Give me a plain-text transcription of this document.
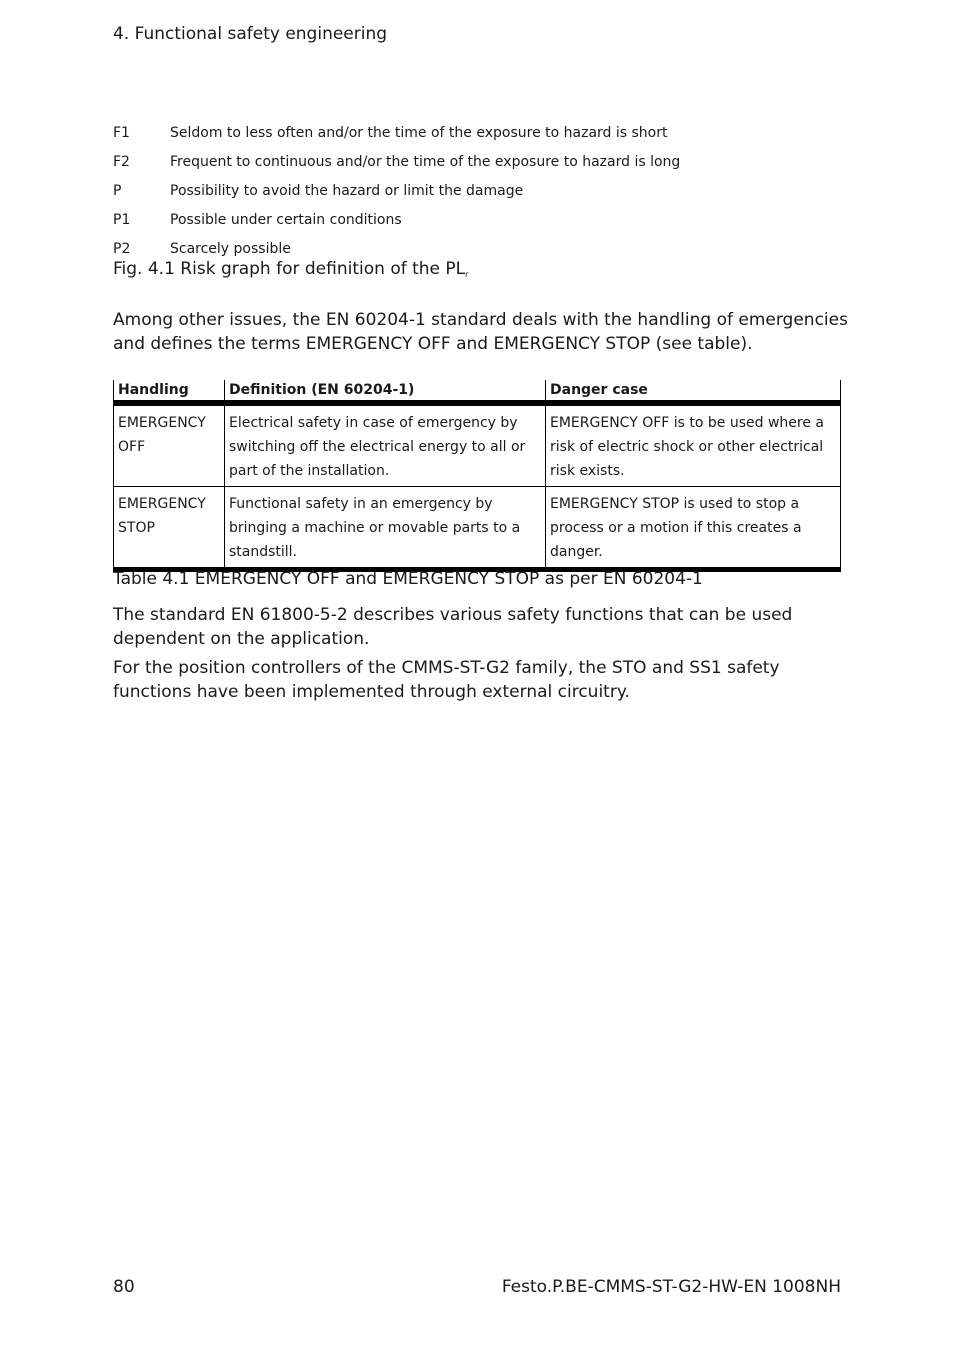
4. Functional safety engineering
F1	Seldom to less often and/or the time of the exposure to hazard is short
F2	Frequent to continuous and/or the time of the exposure to hazard is long
P	Possibility to avoid the hazard or limit the damage
P1	Possible under certain conditions
P2	Scarcely possible
Fig. 4.1 Risk graph for definition of the $PL_r$
Among other issues, the EN 60204-1 standard deals with the handling of emergencies and defines the terms EMERGENCY OFF and EMERGENCY STOP (see table).
Handling	Definition (EN 60204-1)	Danger case
EMERGENCY OFF	Electrical safety in case of emergency by switching off the electrical energy to all or part of the installation.	EMERGENCY OFF is to be used where a risk of electric shock or other electrical risk exists.
EMERGENCY STOP	Functional safety in an emergency by bringing a machine or movable parts to a standstill.	EMERGENCY STOP is used to stop a process or a motion if this creates a danger.
Table 4.1 EMERGENCY OFF and EMERGENCY STOP as per EN 60204-1
The standard EN 61800-5-2 describes various safety functions that can be used dependent on the application.
For the position controllers of the CMMS-ST-G2 family, the STO and SS1 safety functions have been implemented through external circuitry.
80	Festo.P.BE-CMMS-ST-G2-HW-EN 1008NH
